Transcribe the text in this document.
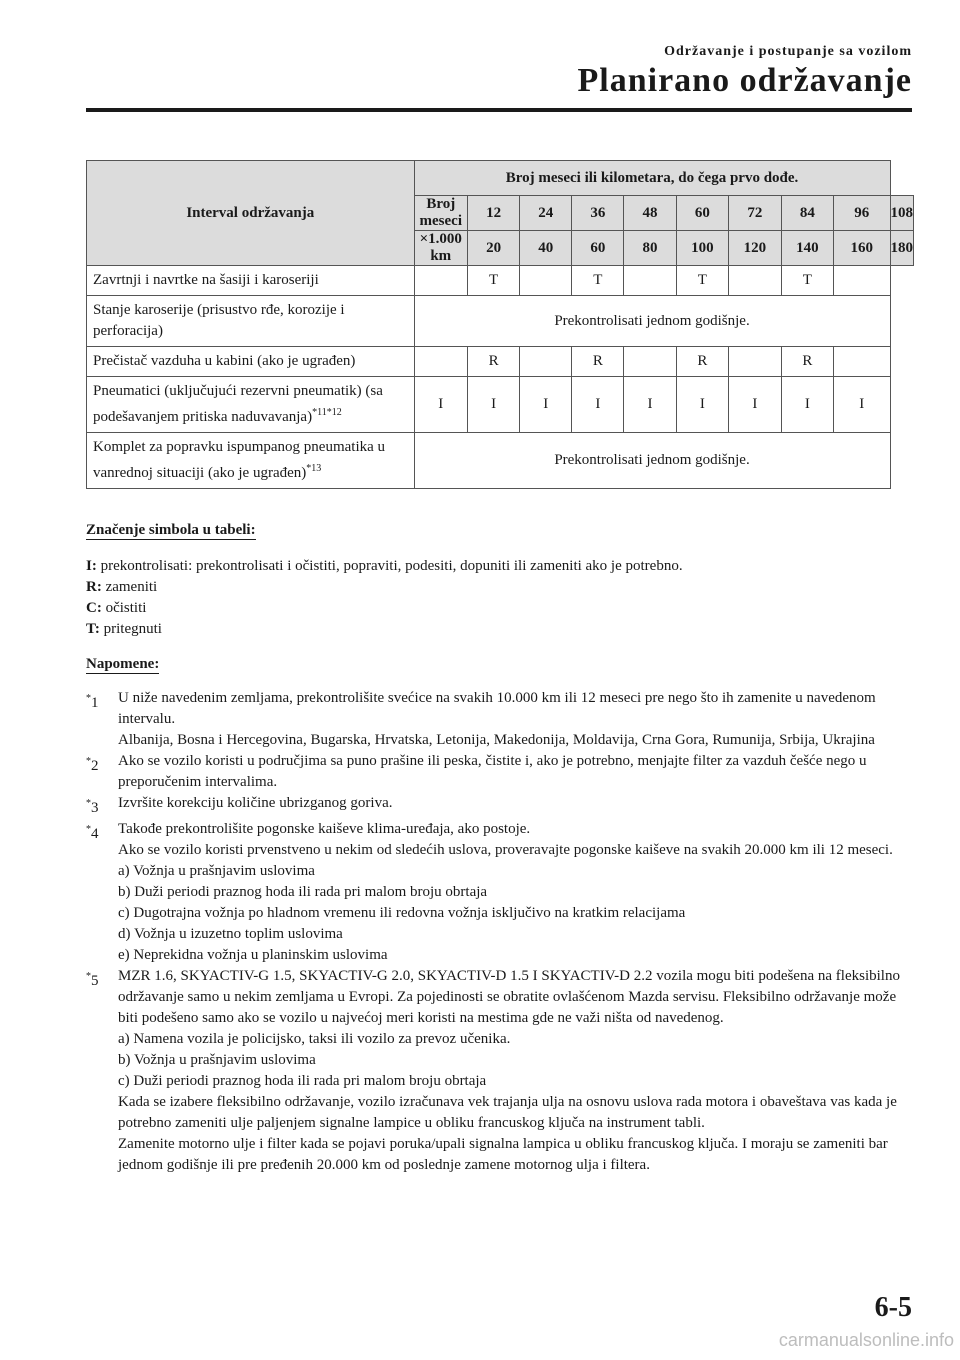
Održavanje i postupanje sa vozilom
Planirano održavanje
Interval održavanja	Broj meseci ili kilometara, do čega prvo dođe.									
	Broj meseci	12	24	36	48	60	72	84	96	108
	×1.000 km	20	40	60	80	100	120	140	160	180
Zavrtnji i navrtke na šasiji i karoseriji		T		T		T		T		
Stanje karoserije (prisustvo rđe, korozije i perforacija)	Prekontrolisati jednom godišnje.									
Prečistač vazduha u kabini (ako je ugrađen)		R		R		R		R		
Pneumatici (uključujući rezervni pneumatik) (sa podešavanjem pritiska naduvavanja)$^{*11*12}$	I	I	I	I	I	I	I	I	I	
Komplet za popravku ispumpanog pneumatika u vanrednoj situaciji (ako je ugrađen)$^{*13}$	Prekontrolisati jednom godišnje.									
Značenje simbola u tabeli:
I: prekontrolisati: prekontrolisati i očistiti, popraviti, podesiti, dopuniti ili zameniti ako je potrebno.
R: zameniti
C: očistiti
T: pritegnuti
Napomene:
*1	U niže navedenim zemljama, prekontrolišite svećice na svakih 10.000 km ili 12 meseci pre nego što ih zamenite u navedenom intervalu.
Albanija, Bosna i Hercegovina, Bugarska, Hrvatska, Letonija, Makedonija, Moldavija, Crna Gora, Rumunija, Srbija, Ukrajina
*2	Ako se vozilo koristi u područjima sa puno prašine ili peska, čistite i, ako je potrebno, menjajte filter za vazduh češće nego u preporučenim intervalima.
*3	Izvršite korekciju količine ubrizganog goriva.
*4	Takođe prekontrolišite pogonske kaiševe klima-uređaja, ako postoje.
Ako se vozilo koristi prvenstveno u nekim od sledećih uslova, proveravajte pogonske kaiševe na svakih 20.000 km ili 12 meseci.
a) Vožnja u prašnjavim uslovima
b) Duži periodi praznog hoda ili rada pri malom broju obrtaja
c) Dugotrajna vožnja po hladnom vremenu ili redovna vožnja isključivo na kratkim relacijama
d) Vožnja u izuzetno toplim uslovima
e) Neprekidna vožnja u planinskim uslovima
*5	MZR 1.6, SKYACTIV-G 1.5, SKYACTIV-G 2.0, SKYACTIV-D 1.5 I SKYACTIV-D 2.2 vozila mogu biti podešena na fleksibilno održavanje samo u nekim zemljama u Evropi. Za pojedinosti se obratite ovlašćenom Mazda servisu. Fleksibilno održavanje može biti podešeno samo ako se vozilo u najvećoj meri koristi na mestima gde ne važi ništa od navedenog.
a) Namena vozila je policijsko, taksi ili vozilo za prevoz učenika.
b) Vožnja u prašnjavim uslovima
c) Duži periodi praznog hoda ili rada pri malom broju obrtaja
Kada se izabere fleksibilno održavanje, vozilo izračunava vek trajanja ulja na osnovu uslova rada motora i obaveštava vas kada je potrebno zameniti ulje paljenjem signalne lampice u obliku francuskog ključa na instrument tabli.
Zamenite motorno ulje i filter kada se pojavi poruka/upali signalna lampica u obliku francuskog ključa. I moraju se zameniti bar jednom godišnje ili pre pređenih 20.000 km od poslednje zamene motornog ulja i filtera.
6-5
carmanualsonline.info
